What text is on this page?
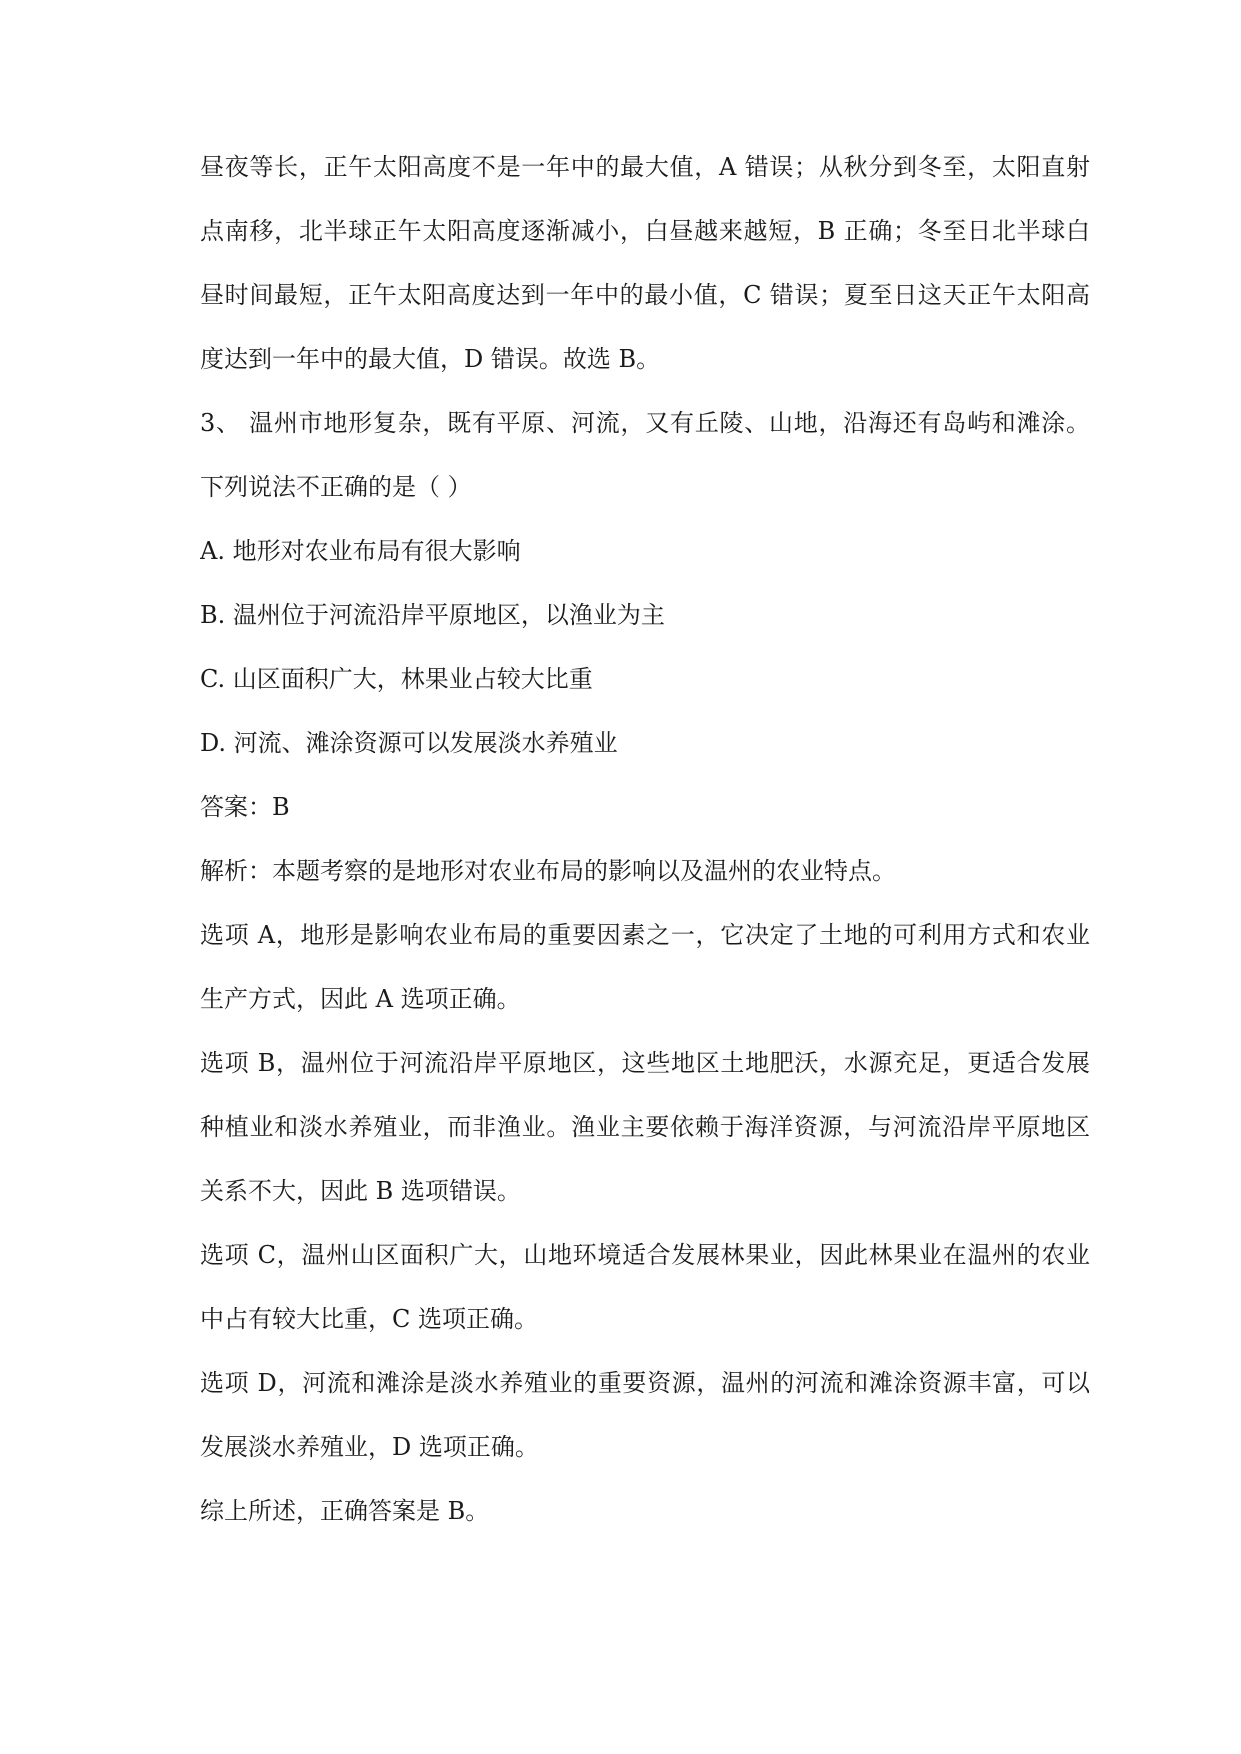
昼夜等长，正午太阳高度不是一年中的最大值，A 错误；从秋分到冬至，太阳直射
点南移，北半球正午太阳高度逐渐减小，白昼越来越短，B 正确；冬至日北半球白
昼时间最短，正午太阳高度达到一年中的最小值，C 错误；夏至日这天正午太阳高
度达到一年中的最大值，D 错误。故选 B。
3、 温州市地形复杂，既有平原、河流，又有丘陵、山地，沿海还有岛屿和滩涂。
下列说法不正确的是（ ）
A. 地形对农业布局有很大影响
B. 温州位于河流沿岸平原地区，以渔业为主
C. 山区面积广大，林果业占较大比重
D. 河流、滩涂资源可以发展淡水养殖业
答案：B
解析：本题考察的是地形对农业布局的影响以及温州的农业特点。
选项 A，地形是影响农业布局的重要因素之一，它决定了土地的可利用方式和农业
生产方式，因此 A 选项正确。
选项 B，温州位于河流沿岸平原地区，这些地区土地肥沃，水源充足，更适合发展
种植业和淡水养殖业，而非渔业。渔业主要依赖于海洋资源，与河流沿岸平原地区
关系不大，因此 B 选项错误。
选项 C，温州山区面积广大，山地环境适合发展林果业，因此林果业在温州的农业
中占有较大比重，C 选项正确。
选项 D，河流和滩涂是淡水养殖业的重要资源，温州的河流和滩涂资源丰富，可以
发展淡水养殖业，D 选项正确。
综上所述，正确答案是 B。
